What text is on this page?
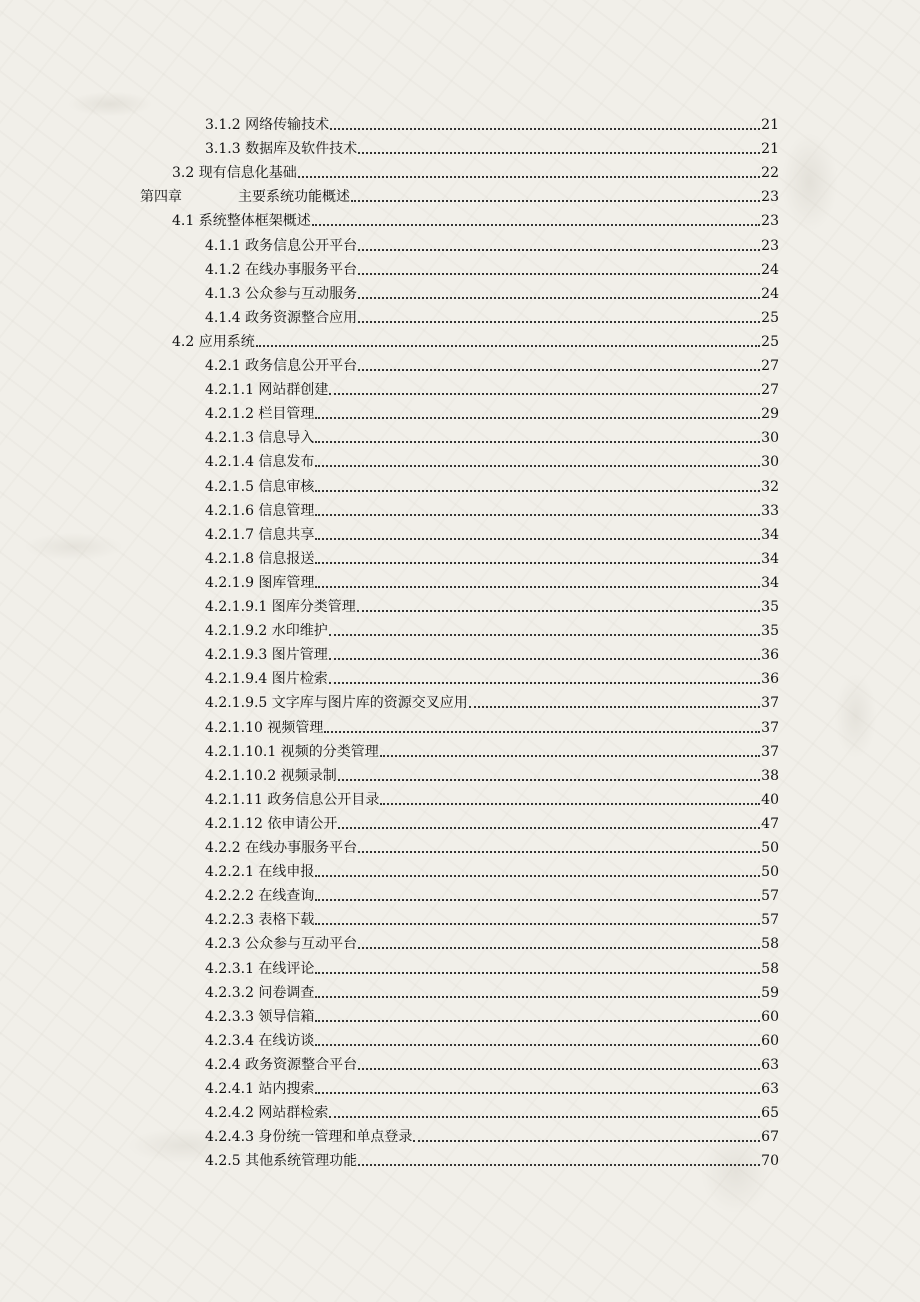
3.1.2 网络传输技术	21
3.1.3 数据库及软件技术	21
3.2 现有信息化基础	22
第四章	主要系统功能概述	23
4.1 系统整体框架概述	23
4.1.1 政务信息公开平台	23
4.1.2 在线办事服务平台	24
4.1.3 公众参与互动服务	24
4.1.4 政务资源整合应用	25
4.2 应用系统	25
4.2.1 政务信息公开平台	27
4.2.1.1 网站群创建	27
4.2.1.2 栏目管理	29
4.2.1.3 信息导入	30
4.2.1.4 信息发布	30
4.2.1.5 信息审核	32
4.2.1.6 信息管理	33
4.2.1.7 信息共享	34
4.2.1.8 信息报送	34
4.2.1.9 图库管理	34
4.2.1.9.1 图库分类管理	35
4.2.1.9.2 水印维护	35
4.2.1.9.3 图片管理	36
4.2.1.9.4 图片检索	36
4.2.1.9.5 文字库与图片库的资源交叉应用	37
4.2.1.10 视频管理	37
4.2.1.10.1 视频的分类管理	37
4.2.1.10.2 视频录制	38
4.2.1.11 政务信息公开目录	40
4.2.1.12 依申请公开	47
4.2.2 在线办事服务平台	50
4.2.2.1 在线申报	50
4.2.2.2 在线查询	57
4.2.2.3 表格下载	57
4.2.3 公众参与互动平台	58
4.2.3.1 在线评论	58
4.2.3.2 问卷调查	59
4.2.3.3 领导信箱	60
4.2.3.4 在线访谈	60
4.2.4 政务资源整合平台	63
4.2.4.1 站内搜索	63
4.2.4.2 网站群检索	65
4.2.4.3 身份统一管理和单点登录	67
4.2.5 其他系统管理功能	70
